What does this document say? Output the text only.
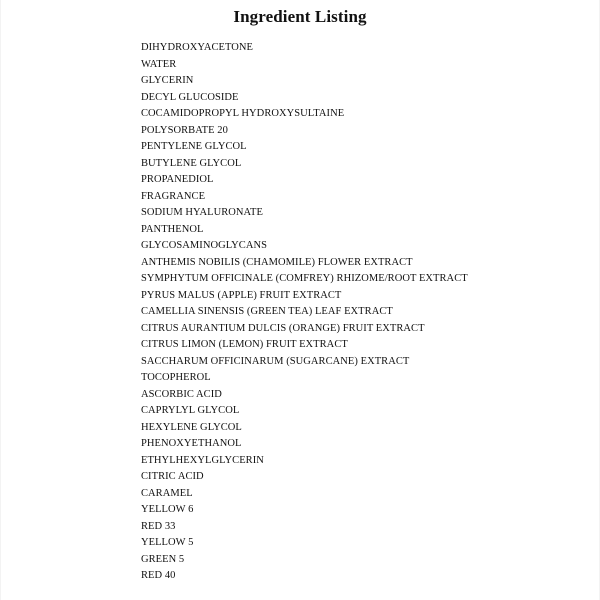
Ingredient Listing
DIHYDROXYACETONE
WATER
GLYCERIN
DECYL GLUCOSIDE
COCAMIDOPROPYL HYDROXYSULTAINE
POLYSORBATE 20
PENTYLENE GLYCOL
BUTYLENE GLYCOL
PROPANEDIOL
FRAGRANCE
SODIUM HYALURONATE
PANTHENOL
GLYCOSAMINOGLYCANS
ANTHEMIS NOBILIS (CHAMOMILE) FLOWER EXTRACT
SYMPHYTUM OFFICINALE (COMFREY) RHIZOME/ROOT EXTRACT
PYRUS MALUS (APPLE) FRUIT EXTRACT
CAMELLIA SINENSIS (GREEN TEA) LEAF EXTRACT
CITRUS AURANTIUM DULCIS (ORANGE) FRUIT EXTRACT
CITRUS LIMON (LEMON) FRUIT EXTRACT
SACCHARUM OFFICINARUM (SUGARCANE) EXTRACT
TOCOPHEROL
ASCORBIC ACID
CAPRYLYL GLYCOL
HEXYLENE GLYCOL
PHENOXYETHANOL
ETHYLHEXYLGLYCERIN
CITRIC ACID
CARAMEL
YELLOW 6
RED 33
YELLOW 5
GREEN 5
RED 40
